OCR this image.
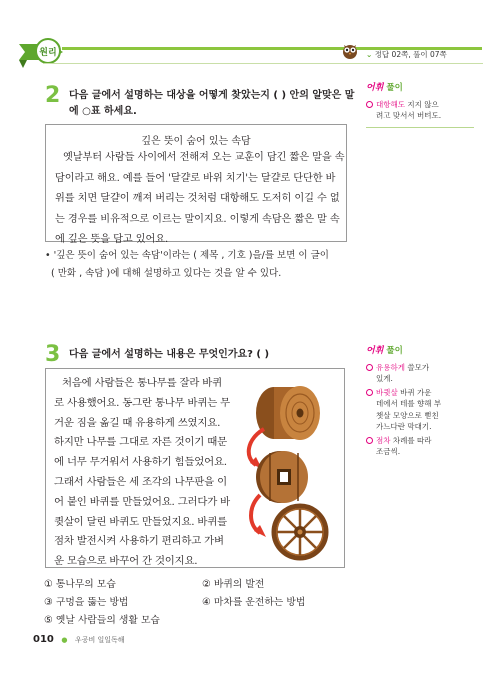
원리	⌄ 정답 02쪽, 풀이 07쪽
2 다음 글에서 설명하는 대상을 어떻게 찾았는지 ( ) 안의 알맞은 말
에 ○표 하세요.
깊은 뜻이 숨어 있는 속담
옛날부터 사람들 사이에서 전해져 오는 교훈이 담긴 짧은 말을 속
담이라고 해요. 예를 들어 '달걀로 바위 치기'는 달걀로 단단한 바
위를 치면 달걀이 깨져 버리는 것처럼 대항해도 도저히 이길 수 없
는 경우를 비유적으로 이르는 말이지요. 이렇게 속담은 짧은 말 속
에 깊은 뜻을 담고 있어요.
• '깊은 뜻이 숨어 있는 속담'이라는 ( 제목 , 기호 )을/를 보면 이 글이
( 만화 , 속담 )에 대해 설명하고 있다는 것을 알 수 있다.
어휘 풀이
대항해도 지지 않으
려고 맞서서 버텨도.
3 다음 글에서 설명하는 내용은 무엇인가요? ( )
처음에 사람들은 통나무를 잘라 바퀴
로 사용했어요. 동그란 통나무 바퀴는 무
거운 짐을 옮길 때 유용하게 쓰였지요.
하지만 나무를 그대로 자른 것이기 때문
에 너무 무거워서 사용하기 힘들었어요.
그래서 사람들은 세 조각의 나무판을 이
어 붙인 바퀴를 만들었어요. 그러다가 바
큇살이 달린 바퀴도 만들었지요. 바퀴를
점차 발전시켜 사용하기 편리하고 가벼
운 모습으로 바꾸어 간 것이지요.
① 통나무의 모습	② 바퀴의 발전
③ 구멍을 뚫는 방법	④ 마차를 운전하는 방법
⑤ 옛날 사람들의 생활 모습
어휘 풀이
유용하게 쓸모가
있게.
바큇살 바퀴 가운
데에서 테를 향해 부
챗살 모양으로 뻗친
가느다란 막대기.
점차 차례를 따라
조금씩.
010 ● 우공비 일일독해
